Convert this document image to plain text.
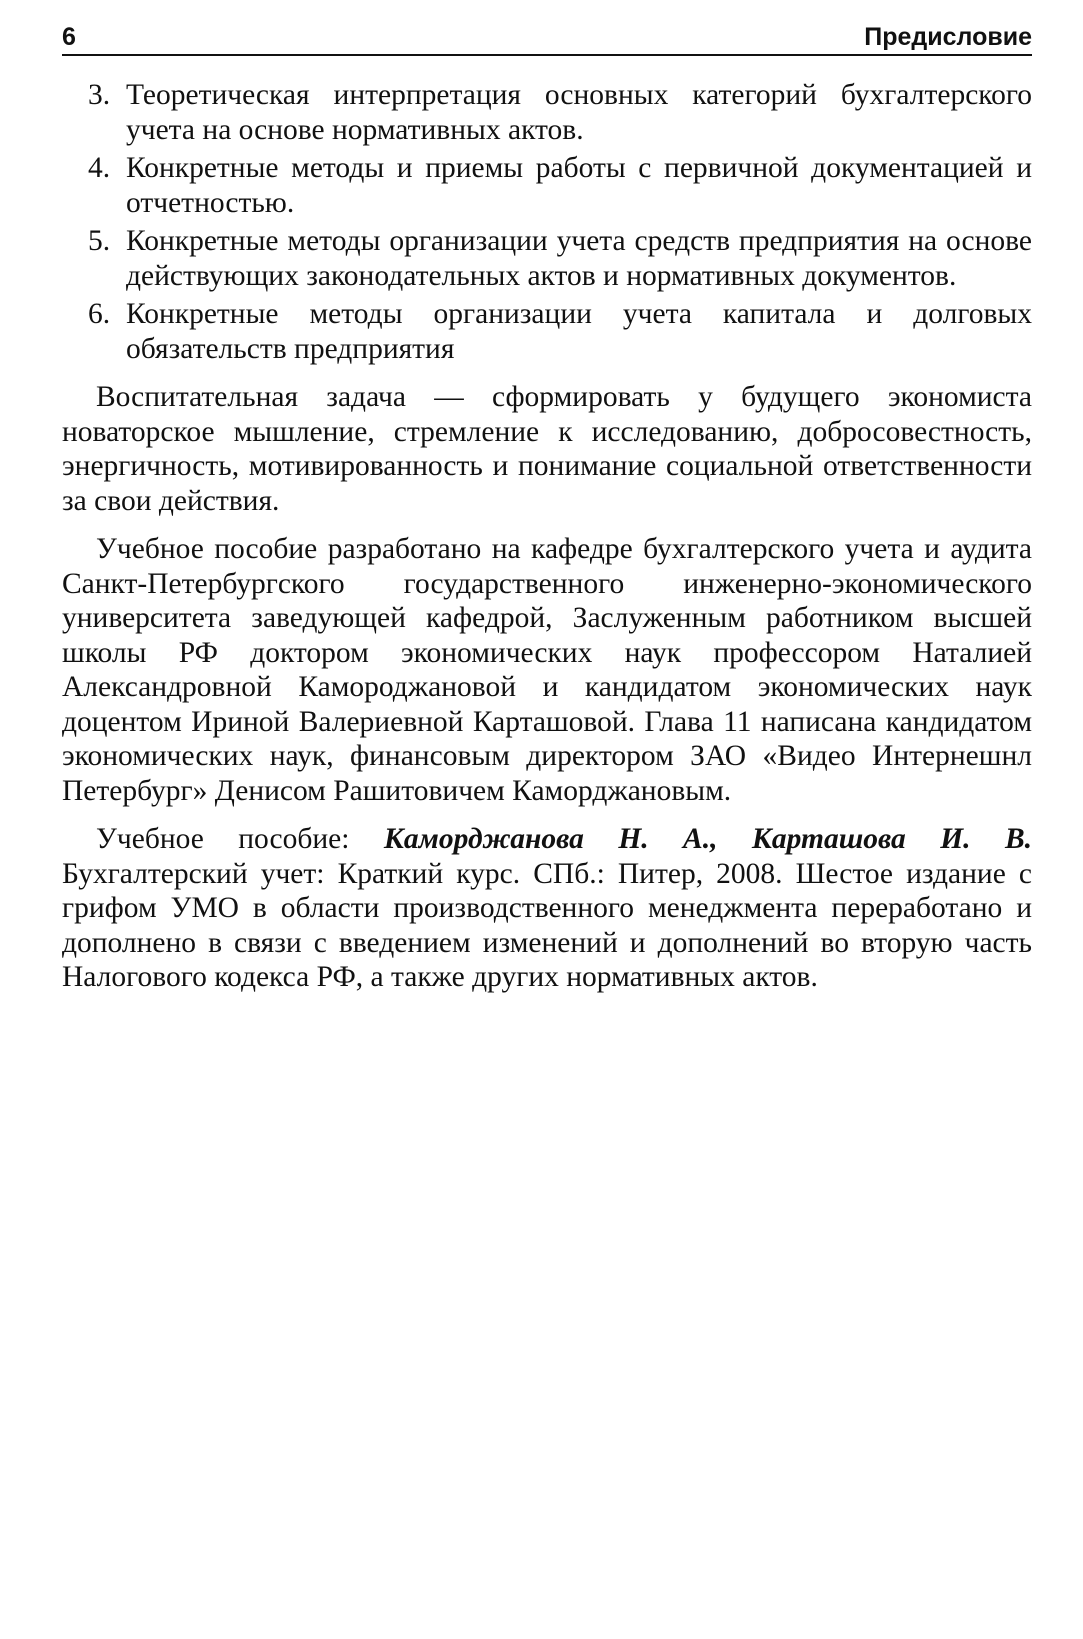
6	Предисловие
3. Теоретическая интерпретация основных категорий бухгалтерского учета на основе нормативных актов.
4. Конкретные методы и приемы работы с первичной документацией и отчетностью.
5. Конкретные методы организации учета средств предприятия на основе действующих законодательных актов и нормативных документов.
6. Конкретные методы организации учета капитала и долговых обязательств предприятия

Воспитательная задача — сформировать у будущего экономиста новаторское мышление, стремление к исследованию, добросовестность, энергичность, мотивированность и понимание социальной ответственности за свои действия.

Учебное пособие разработано на кафедре бухгалтерского учета и аудита Санкт-Петербургского государственного инженерно-экономического университета заведующей кафедрой, Заслуженным работником высшей школы РФ доктором экономических наук профессором Наталией Александровной Камороджановой и кандидатом экономических наук доцентом Ириной Валериевной Карташовой. Глава 11 написана кандидатом экономических наук, финансовым директором ЗАО «Видео Интернешнл Петербург» Денисом Рашитовичем Каморджановым.

Учебное пособие: Каморджанова Н. А., Карташова И. В. Бухгалтерский учет: Краткий курс. СПб.: Питер, 2008. Шестое издание с грифом УМО в области производственного менеджмента переработано и дополнено в связи с введением изменений и дополнений во вторую часть Налогового кодекса РФ, а также других нормативных актов.
